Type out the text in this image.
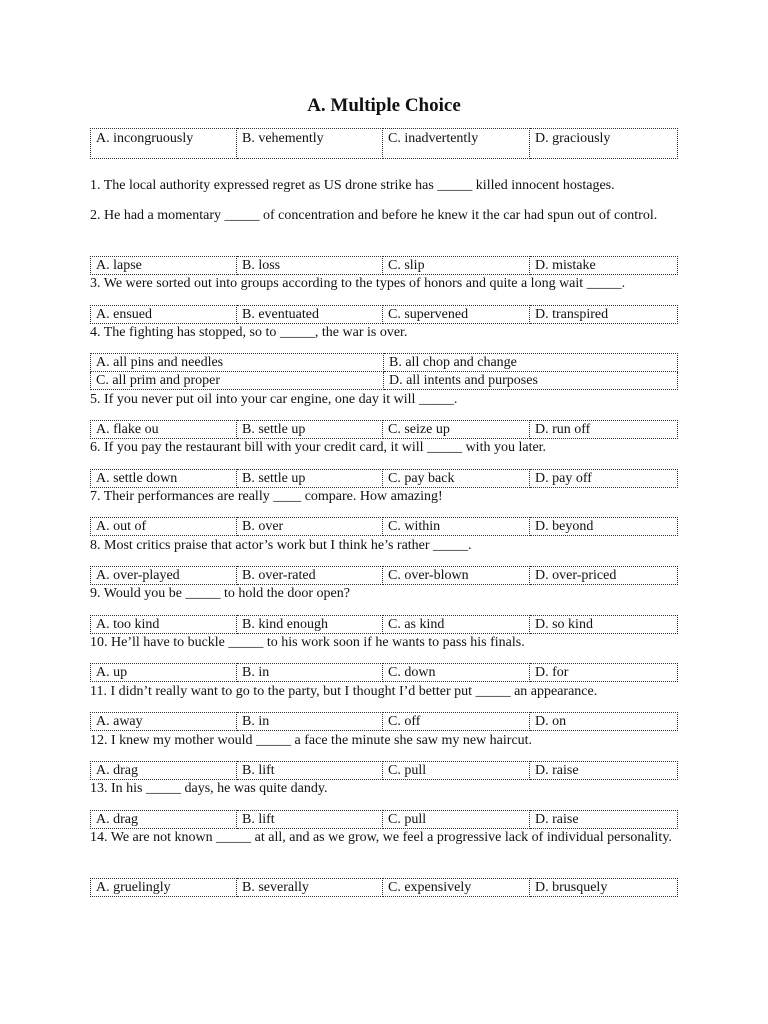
A. Multiple Choice
A. incongruously	B. vehemently	C. inadvertently	D. graciously
1. The local authority expressed regret as US drone strike has _____ killed innocent hostages.
2. He had a momentary _____ of concentration and before he knew it the car had spun out of control.
A. lapse	B. loss	C. slip	D. mistake
3. We were sorted out into groups according to the types of honors and quite a long wait _____.
A. ensued	B. eventuated	C. supervened	D. transpired
4. The fighting has stopped, so to _____, the war is over.
A. all pins and needles	B. all chop and change
C. all prim and proper	D. all intents and purposes
5. If you never put oil into your car engine, one day it will _____.
A. flake ou	B. settle up	C. seize up	D. run off
6. If you pay the restaurant bill with your credit card, it will _____ with you later.
A. settle down	B. settle up	C. pay back	D. pay off
7. Their performances are really ____ compare. How amazing!
A. out of	B. over	C. within	D. beyond
8. Most critics praise that actor’s work but I think he’s rather _____.
A. over-played	B. over-rated	C. over-blown	D. over-priced
9. Would you be _____ to hold the door open?
A. too kind	B. kind enough	C. as kind	D. so kind
10. He’ll have to buckle _____ to his work soon if he wants to pass his finals.
A. up	B. in	C. down	D. for
11. I didn’t really want to go to the party, but I thought I’d better put _____ an appearance.
A. away	B. in	C. off	D. on
12. I knew my mother would _____ a face the minute she saw my new haircut.
A. drag	B. lift	C. pull	D. raise
13. In his _____ days, he was quite dandy.
A. drag	B. lift	C. pull	D. raise
14. We are not known _____ at all, and as we grow, we feel a progressive lack of individual personality.
A. gruelingly	B. severally	C. expensively	D. brusquely
